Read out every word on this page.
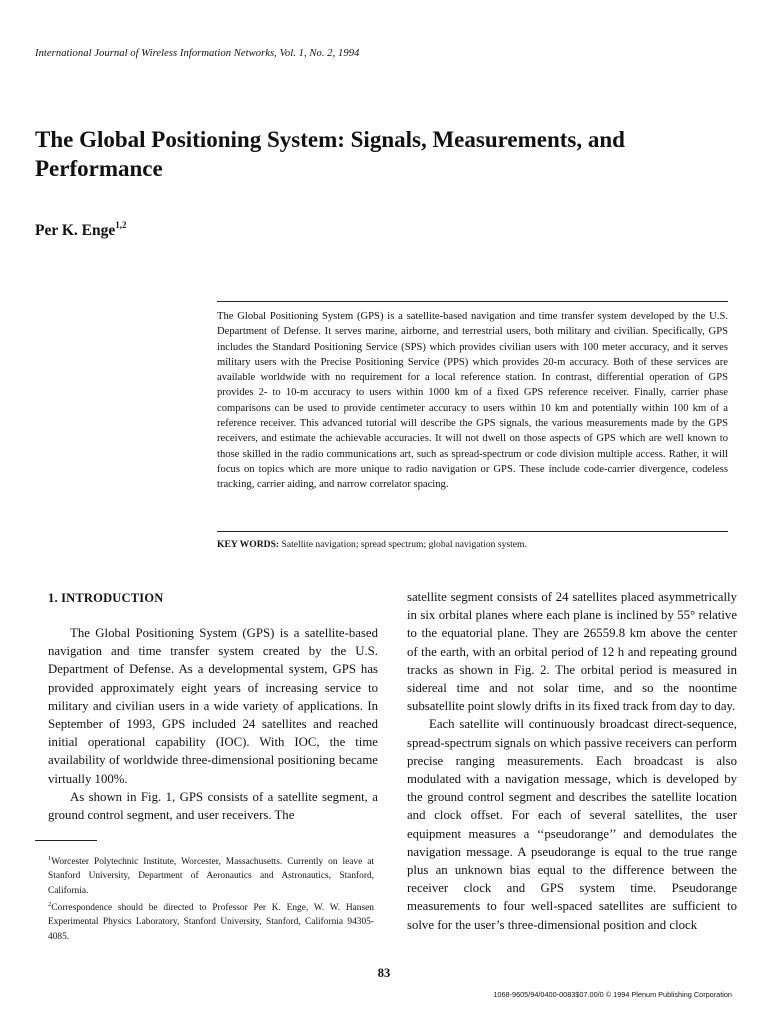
International Journal of Wireless Information Networks, Vol. 1, No. 2, 1994
The Global Positioning System: Signals, Measurements, and Performance
Per K. Enge$^{1,2}$
The Global Positioning System (GPS) is a satellite-based navigation and time transfer system developed by the U.S. Department of Defense. It serves marine, airborne, and terrestrial users, both military and civilian. Specifically, GPS includes the Standard Positioning Service (SPS) which provides civilian users with 100 meter accuracy, and it serves military users with the Precise Positioning Service (PPS) which provides 20-m accuracy. Both of these services are available worldwide with no requirement for a local reference station. In contrast, differential operation of GPS provides 2- to 10-m accuracy to users within 1000 km of a fixed GPS reference receiver. Finally, carrier phase comparisons can be used to provide centimeter accuracy to users within 10 km and potentially within 100 km of a reference receiver. This advanced tutorial will describe the GPS signals, the various measurements made by the GPS receivers, and estimate the achievable accuracies. It will not dwell on those aspects of GPS which are well known to those skilled in the radio communications art, such as spread-spectrum or code division multiple access. Rather, it will focus on topics which are more unique to radio navigation or GPS. These include code-carrier divergence, codeless tracking, carrier aiding, and narrow correlator spacing.
KEY WORDS: Satellite navigation; spread spectrum; global navigation system.
1. INTRODUCTION

The Global Positioning System (GPS) is a satellite-based navigation and time transfer system created by the U.S. Department of Defense. As a developmental system, GPS has provided approximately eight years of increasing service to military and civilian users in a wide variety of applications. In September of 1993, GPS included 24 satellites and reached initial operational capability (IOC). With IOC, the time availability of worldwide three-dimensional positioning became virtually 100%.

As shown in Fig. 1, GPS consists of a satellite segment, a ground control segment, and user receivers. The

$^1$Worcester Polytechnic Institute, Worcester, Massachusetts. Currently on leave at Stanford University, Department of Aeronautics and Astronautics, Stanford, California.

$^2$Correspondence should be directed to Professor Per K. Enge, W. W. Hansen Experimental Physics Laboratory, Stanford University, Stanford, California 94305-4085.

satellite segment consists of 24 satellites placed asymmetrically in six orbital planes where each plane is inclined by 55° relative to the equatorial plane. They are 26559.8 km above the center of the earth, with an orbital period of 12 h and repeating ground tracks as shown in Fig. 2. The orbital period is measured in sidereal time and not solar time, and so the noontime subsatellite point slowly drifts in its fixed track from day to day.

Each satellite will continuously broadcast direct-sequence, spread-spectrum signals on which passive receivers can perform precise ranging measurements. Each broadcast is also modulated with a navigation message, which is developed by the ground control segment and describes the satellite location and clock offset. For each of several satellites, the user equipment measures a ‘‘pseudorange’’ and demodulates the navigation message. A pseudorange is equal to the true range plus an unknown bias equal to the difference between the receiver clock and GPS system time. Pseudorange measurements to four well-spaced satellites are sufficient to solve for the user’s three-dimensional position and clock

83
1068-9605/94/0400-0083$07.00/0 © 1994 Plenum Publishing Corporation
